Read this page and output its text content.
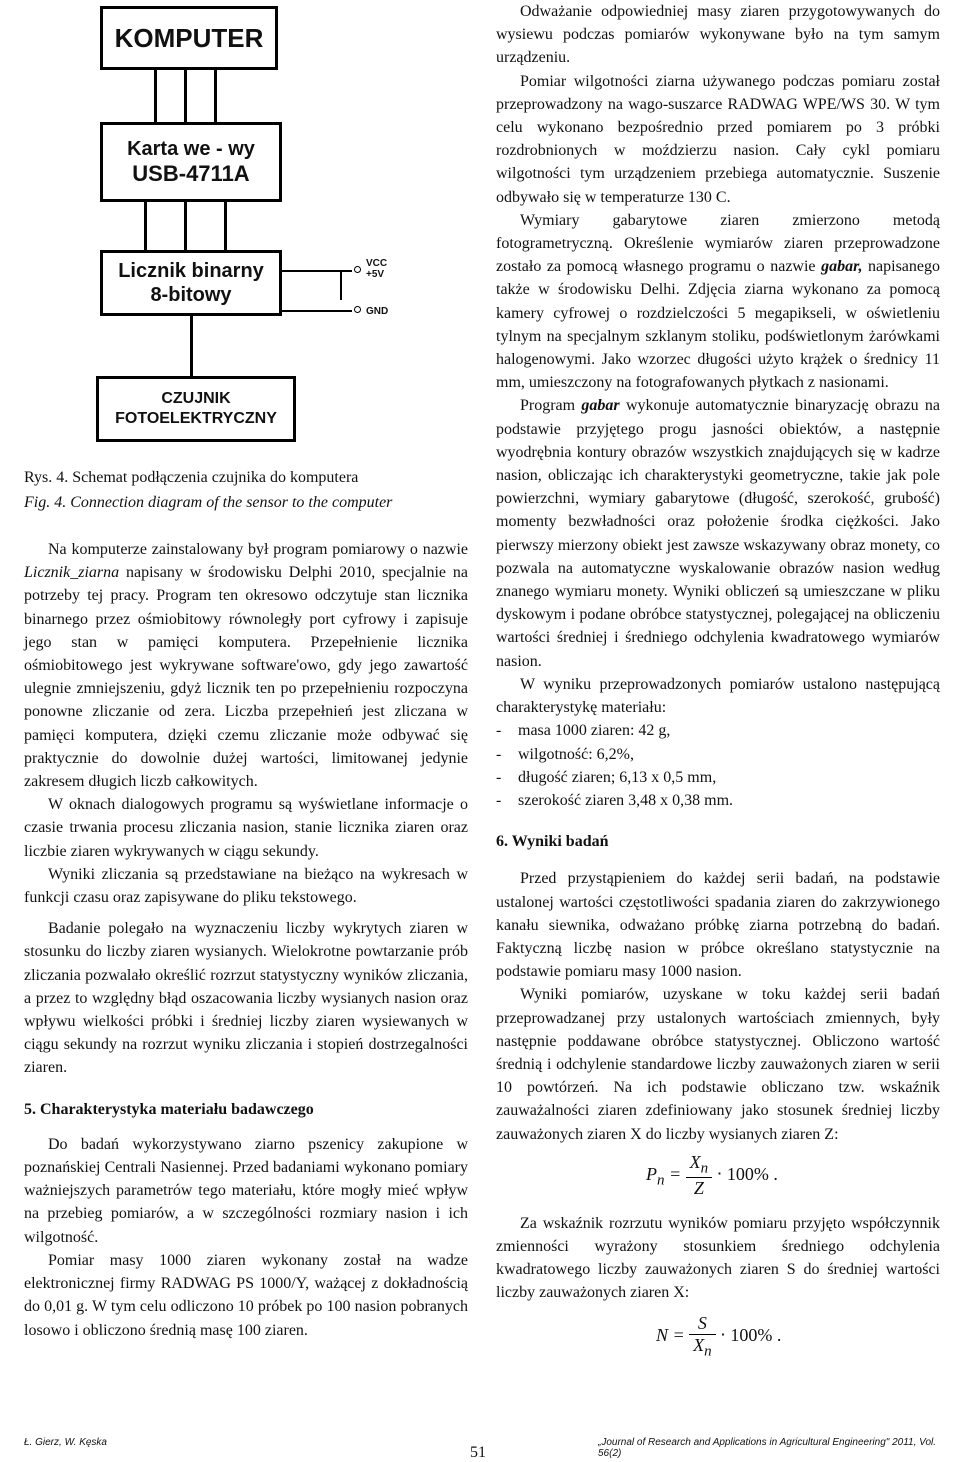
KOMPUTER
Karta we - wy
USB-4711A
Licznik binarny
8-bitowy
VCC
+5V
GND
CZUJNIK
FOTOELEKTRYCZNY
Rys. 4. Schemat podłączenia czujnika do komputera
Fig. 4. Connection diagram of the sensor to the computer

Na komputerze zainstalowany był program pomiarowy o nazwie Licznik_ziarna napisany w środowisku Delphi 2010, specjalnie na potrzeby tej pracy. Program ten okresowo odczytuje stan licznika binarnego przez ośmiobitowy równoległy port cyfrowy i zapisuje jego stan w pamięci komputera. Przepełnienie licznika ośmiobitowego jest wykrywane software'owo, gdy jego zawartość ulegnie zmniejszeniu, gdyż licznik ten po przepełnieniu rozpoczyna ponowne zliczanie od zera. Liczba przepełnień jest zliczana w pamięci komputera, dzięki czemu zliczanie może odbywać się praktycznie do dowolnie dużej wartości, limitowanej jedynie zakresem długich liczb całkowitych.

W oknach dialogowych programu są wyświetlane informacje o czasie trwania procesu zliczania nasion, stanie licznika ziaren oraz liczbie ziaren wykrywanych w ciągu sekundy.

Wyniki zliczania są przedstawiane na bieżąco na wykresach w funkcji czasu oraz zapisywane do pliku tekstowego.

Badanie polegało na wyznaczeniu liczby wykrytych ziaren w stosunku do liczby ziaren wysianych. Wielokrotne powtarzanie prób zliczania pozwalało określić rozrzut statystyczny wyników zliczania, a przez to względny błąd oszacowania liczby wysianych nasion oraz wpływu wielkości próbki i średniej liczby ziaren wysiewanych w ciągu sekundy na rozrzut wyniku zliczania i stopień dostrzegalności ziaren.

5. Charakterystyka materiału badawczego

Do badań wykorzystywano ziarno pszenicy zakupione w poznańskiej Centrali Nasiennej. Przed badaniami wykonano pomiary ważniejszych parametrów tego materiału, które mogły mieć wpływ na przebieg pomiarów, a w szczególności rozmiary nasion i ich wilgotność.

Pomiar masy 1000 ziaren wykonany został na wadze elektronicznej firmy RADWAG PS 1000/Y, ważącej z dokładnością do 0,01 g. W tym celu odliczono 10 próbek po 100 nasion pobranych losowo i obliczono średnią masę 100 ziaren.

Odważanie odpowiedniej masy ziaren przygotowywanych do wysiewu podczas pomiarów wykonywane było na tym samym urządzeniu.

Pomiar wilgotności ziarna używanego podczas pomiaru został przeprowadzony na wago-suszarce RADWAG WPE/WS 30. W tym celu wykonano bezpośrednio przed pomiarem po 3 próbki rozdrobnionych w moździerzu nasion. Cały cykl pomiaru wilgotności tym urządzeniem przebiega automatycznie. Suszenie odbywało się w temperaturze 130 C.

Wymiary gabarytowe ziaren zmierzono metodą fotogrametryczną. Określenie wymiarów ziaren przeprowadzone zostało za pomocą własnego programu o nazwie gabar, napisanego także w środowisku Delhi. Zdjęcia ziarna wykonano za pomocą kamery cyfrowej o rozdzielczości 5 megapikseli, w oświetleniu tylnym na specjalnym szklanym stoliku, podświetlonym żarówkami halogenowymi. Jako wzorzec długości użyto krążek o średnicy 11 mm, umieszczony na fotografowanych płytkach z nasionami.

Program gabar wykonuje automatycznie binaryzację obrazu na podstawie przyjętego progu jasności obiektów, a następnie wyodrębnia kontury obrazów wszystkich znajdujących się w kadrze nasion, obliczając ich charakterystyki geometryczne, takie jak pole powierzchni, wymiary gabarytowe (długość, szerokość, grubość) momenty bezwładności oraz położenie środka ciężkości. Jako pierwszy mierzony obiekt jest zawsze wskazywany obraz monety, co pozwala na automatyczne wyskalowanie obrazów nasion według znanego wymiaru monety. Wyniki obliczeń są umieszczane w pliku dyskowym i podane obróbce statystycznej, polegającej na obliczeniu wartości średniej i średniego odchylenia kwadratowego wymiarów nasion.

W wyniku przeprowadzonych pomiarów ustalono następującą charakterystykę materiału:

- masa 1000 ziaren: 42 g,
- wilgotność: 6,2%,
- długość ziaren; 6,13 x 0,5 mm,
- szerokość ziaren 3,48 x 0,38 mm.

6. Wyniki badań

Przed przystąpieniem do każdej serii badań, na podstawie ustalonej wartości częstotliwości spadania ziaren do zakrzywionego kanału siewnika, odważano próbkę ziarna potrzebną do badań. Faktyczną liczbę nasion w próbce określano statystycznie na podstawie pomiaru masy 1000 nasion.

Wyniki pomiarów, uzyskane w toku każdej serii badań przeprowadzanej przy ustalonych wartościach zmiennych, były następnie poddawane obróbce statystycznej. Obliczono wartość średnią i odchylenie standardowe liczby zauważonych ziaren w serii 10 powtórzeń. Na ich podstawie obliczano tzw. wskaźnik zauważalności ziaren zdefiniowany jako stosunek średniej liczby zauważonych ziaren X do liczby wysianych ziaren Z:

$P_n = \frac{X_n}{Z} \cdot 100\%$ .

Za wskaźnik rozrzutu wyników pomiaru przyjęto współczynnik zmienności wyrażony stosunkiem średniego odchylenia kwadratowego liczby zauważonych ziaren S do średniej wartości liczby zauważonych ziaren X:

$N = \frac{S}{X_n} \cdot 100\%$ .
Ł. Gierz, W. Kęska
51
„Journal of Research and Applications in Agricultural Engineering" 2011, Vol. 56(2)
